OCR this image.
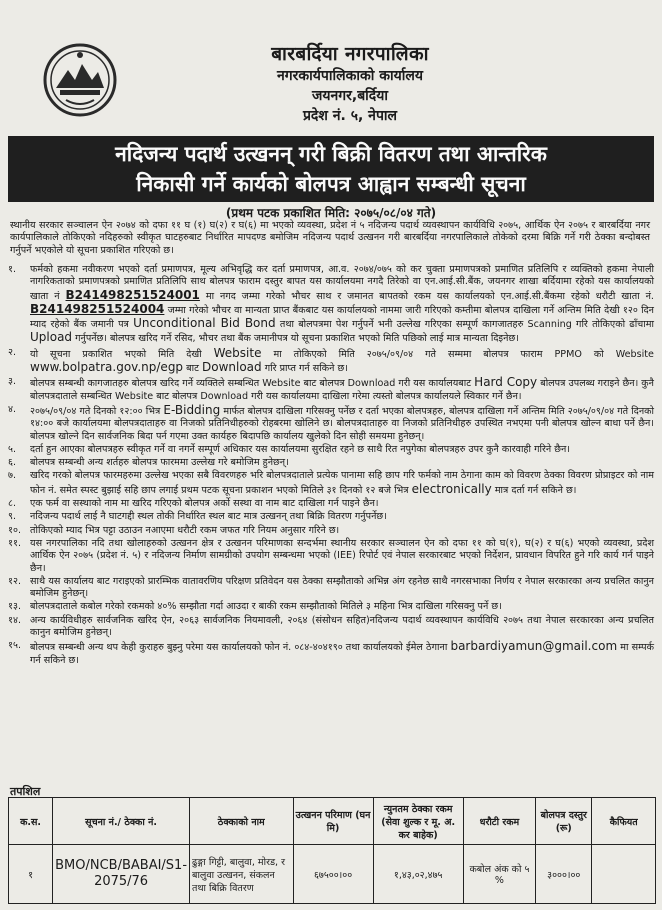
बारबर्दिया नगरपालिका
नगरकार्यपालिकाको कार्यालय
जयनगर,बर्दिया
प्रदेश नं. ५, नेपाल
नदिजन्य पदार्थ उत्खनन् गरी बिक्री वितरण तथा आन्तरिक
निकासी गर्ने कार्यको बोलपत्र आह्वान सम्बन्धी सूचना
(प्रथम पटक प्रकाशित मिति: २०७५/०८/०४ गते)
स्थानीय सरकार सञ्चालन ऐन २०७४ को दफा ११ घ (१) घ(२) र घ(६) मा भएको व्यवस्था, प्रदेश नं ५ नदिजन्य पदार्थ व्यवस्थापन कार्यविधि २०७५, आर्थिक ऐन २०७५ र बारबर्दिया नगर कार्यपालिकाले तोकिएको नदिहरुको स्वीकृत घाटहरुबाट निर्धारित मापदण्ड बमोजिम नदिजन्य पदार्थ उत्खनन गरी बारबर्दिया नगरपालिकाले तोकेको दरमा बिक्रि गर्ने गरी ठेक्का बन्दोबस्त गर्नुपर्ने भएकोले यो सूचना प्रकाशित गरिएको छ।
१.	फर्मको हकमा नवीकरण भएको दर्ता प्रमाणपत्र, मूल्य अभिवृद्धि कर दर्ता प्रमाणपत्र, आ.व. २०७४/०७५ को कर चुक्ता प्रमाणपत्रको प्रमाणित प्रतिलिपि र व्यक्तिको हकमा नेपाली नागरिकताको प्रमाणपत्रको प्रमाणित प्रतिलिपि साथ बोलपत्र फाराम दस्तुर बापत यस कार्यालयमा नगदै तिरेको वा एन.आई.सी.बैंक, जयनगर शाखा बर्दियामा रहेको यस कार्यालयको खाता नं B241498251524001 मा नगद जम्मा गरेको भौचर साथ र जमानत बापतको रकम यस कार्यालयको एन.आई.सी.बैंकमा रहेको धरौटी खाता नं. B241498251524004 जम्मा गरेको भौचर वा मान्यता प्राप्त बैंकबाट यस कार्यालयको नाममा जारी गरिएको कम्तीमा बोलपत्र दाखिला गर्ने अन्तिम मिति देखी १२० दिन म्याद रहेको बैंक जमानी पत्र Unconditional Bid Bond तथा बोलपत्रमा पेश गर्नुपर्ने भनी उल्लेख गरिएका सम्पूर्ण कागजातहरु Scanning गरि तोकिएको ढाँचामा Upload गर्नुपर्नेछ। बोलपत्र खरिद गर्ने रसिद, भौचर तथा बैंक जमानीपत्र यो सूचना प्रकाशित भएको मिति पछिको लाई मात्र मान्यता दिइनेछ।
२.	यो सूचना प्रकाशित भएको मिति देखी Website मा तोकिएको मिति २०७५/०९/०४ गते सम्ममा बोलपत्र फाराम PPMO को Website www.bolpatra.gov.np/egp बाट Download गरि प्राप्त गर्न सकिने छ।
३.	बोलपत्र सम्बन्धी कागजातहरु बोलपत्र खरिद गर्ने व्यक्तिले सम्बन्धित Website बाट बोलपत्र Download गरी यस कार्यालयबाट Hard Copy बोलपत्र उपलब्ध गराइने छैन। कुनै बोलपत्रदाताले सम्बन्धित Website बाट बोलपत्र Download गरी यस कार्यालयमा दाखिला गरेमा त्यस्तो बोलपत्र कार्यालयले स्विकार गर्ने छैन।
४.	२०७५/०९/०४ गते दिनको १२:०० भित्र E-Bidding मार्फत बोलपत्र दाखिला गरिसक्नु पर्नेछ र दर्ता भएका बोलपत्रहरु, बोलपत्र दाखिला गर्ने अन्तिम मिति २०७५/०९/०४ गते दिनको १४:०० बजे कार्यालयमा बोलपत्रदाताहरु वा निजको प्रतिनिधीहरुको रोहबरमा खोलिने छ। बोलपत्रदाताहरु वा निजको प्रतिनिधीहरु उपस्थित नभएमा पनी बोलपत्र खोल्न बाधा पर्ने छैन। बोलपत्र खोल्ने दिन सार्वजनिक बिदा पर्न गएमा उक्त कार्यहरु बिदापछि कार्यालय खुलेको दिन सोही समयमा हुनेछन्।
५.	दर्ता हुन आएका बोलपत्रहरु स्वीकृत गर्ने वा नगर्ने सम्पूर्ण अधिकार यस कार्यालयमा सुरक्षित रहने छ साथै रित नपुगेका बोलपत्रहरु उपर कुनै कारवाही गरिने छैन।
६.	बोलपत्र सम्बन्धी अन्य शर्तहरु बोलपत्र फारममा उल्लेख गरे बमोजिम हुनेछन्।
७.	खरिद गरको बोलपत्र फारमहरुमा उल्लेख भएका सबै विवरणहरु भरि बोलपत्रदाताले प्रत्येक पानामा सहि छाप गरि फर्मको नाम ठेगाना काम को विवरण ठेक्का विवरण प्रोप्राइटर को नाम फोन नं. समेत स्पस्ट बुझाई सहि छाप लगाई प्रथम पटक सूचना प्रकाशन भएको मितिले ३१ दिनको १२ बजे भित्र electronically मात्र दर्ता गर्न सकिने छ।
८.	एक फर्म वा सस्थाको नाम मा खरिद गरिएको बोलपत्र अर्को सस्था वा नाम बाट दाखिला गर्न पाइने छैन।
९.	नदिजन्य पदार्थ लाई नै घाटगद्दी स्थल तोकी निर्धारित स्थल बाट मात्र उत्खनन् तथा बिक्रि वितरण गर्नुपर्नेछ।
१०. तोकिएको म्याद भित्र पट्टा उठाउन नआएमा धरौटी रकम जफत गरि नियम अनुसार गरिने छ।
११. यस नगरपालिका नदि तथा खोलाहरुको उत्खनन क्षेत्र र उत्खनन परिमाणका सन्दर्भमा स्थानीय सरकार सञ्चालन ऐन को दफा ११ को घ(१), घ(२) र घ(६) भएको व्यवस्था, प्रदेश आर्थिक ऐन २०७५ (प्रदेश नं. ५) र नदिजन्य निर्माण सामग्रीको उपयोग सम्बन्धमा भएको (IEE) रिपोर्ट एवं नेपाल सरकारबाट भएको निर्देशन, प्रावधान विपरित हुने गरि कार्य गर्न पाइने छैन।
१२. साथै यस कार्यालय बाट गराइएको प्रारम्भिक वातावरणिय परिक्षण प्रतिवेदन यस ठेक्का सम्झौताको अभिन्न अंग रहनेछ साथै नगरसभाका निर्णय र नेपाल सरकारका अन्य प्रचलित कानुन बमोजिम हुनेछन्।
१३. बोलपत्रदाताले कबोल गरेको रकमको ४०% सम्झौता गर्दा आउदा र बाकी रकम सम्झौताको मितिले ३ महिना भित्र दाखिला गरिसक्नु पर्ने छ।
१४. अन्य कार्यविधीहरु सार्वजनिक खरिद ऐन, २०६३ सार्वजनिक नियमावली, २०६४ (संसोधन सहित)नदिजन्य पदार्थ व्यवस्थापन कार्यविधि २०७५ तथा नेपाल सरकारका अन्य प्रचलित कानुन बमोजिम हुनेछन्।
१५. बोलपत्र सम्बन्धी अन्य थप केही कुराहरु बुझ्नु परेमा यस कार्यालयको फोन नं. ०८४-४०४१९० तथा कार्यालयको ईमेल ठेगाना barbardiyamun@gmail.com मा सम्पर्क गर्न सकिने छ।
तपशिल
क.स.	सूचना नं./ ठेक्का नं.	ठेक्काको नाम	उत्खनन परिमाण (घन मि)	न्युनतम ठेक्का रकम (सेवा शुल्क र मू. अ. कर बाहेक)	धरौटी रकम	बोलपत्र दस्तुर (रू)	कैफियत
१	BMO/NCB/BABAI/S1-2075/76	ढुङ्गा गिट्टी, बालुवा, मोरड, र बालुवा उत्खनन, संकलन तथा बिक्रि वितरण	६७५००।००	१,४३,०२,४७५	कबोल अंक को ५ %	३०००।००	
